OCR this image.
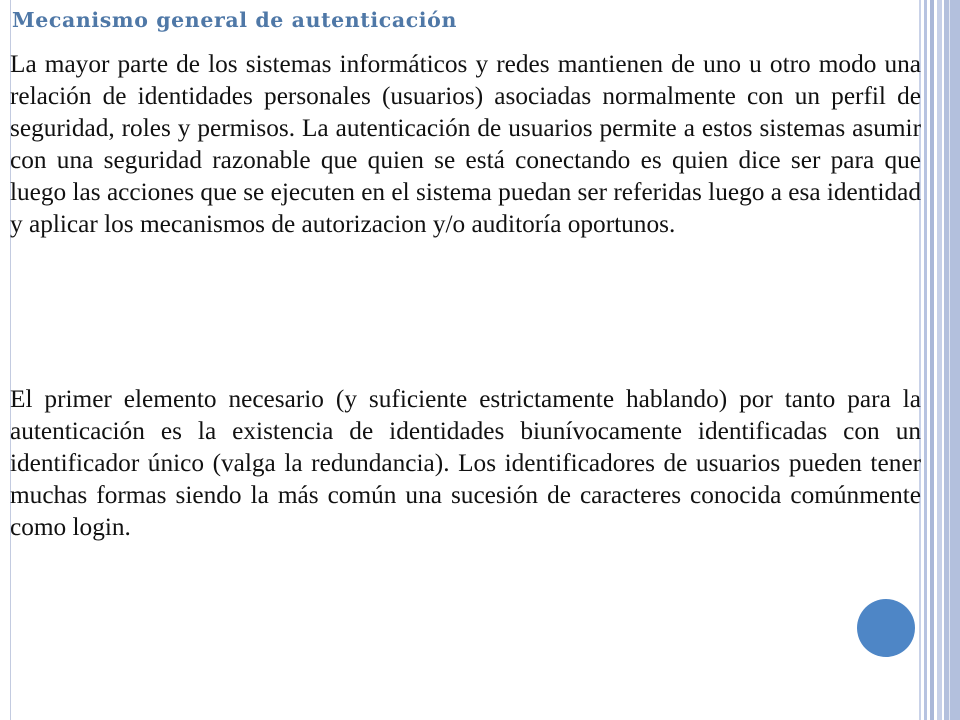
Mecanismo general de autenticación

La mayor parte de los sistemas informáticos y redes mantienen de uno u otro modo una relación de identidades personales (usuarios) asociadas normalmente con un perfil de seguridad, roles y permisos. La autenticación de usuarios permite a estos sistemas asumir con una seguridad razonable que quien se está conectando es quien dice ser para que luego las acciones que se ejecuten en el sistema puedan ser referidas luego a esa identidad y aplicar los mecanismos de autorizacion y/o auditoría oportunos.

El primer elemento necesario (y suficiente estrictamente hablando) por tanto para la autenticación es la existencia de identidades biunívocamente identificadas con un identificador único (valga la redundancia). Los identificadores de usuarios pueden tener muchas formas siendo la más común una sucesión de caracteres conocida comúnmente como login.
